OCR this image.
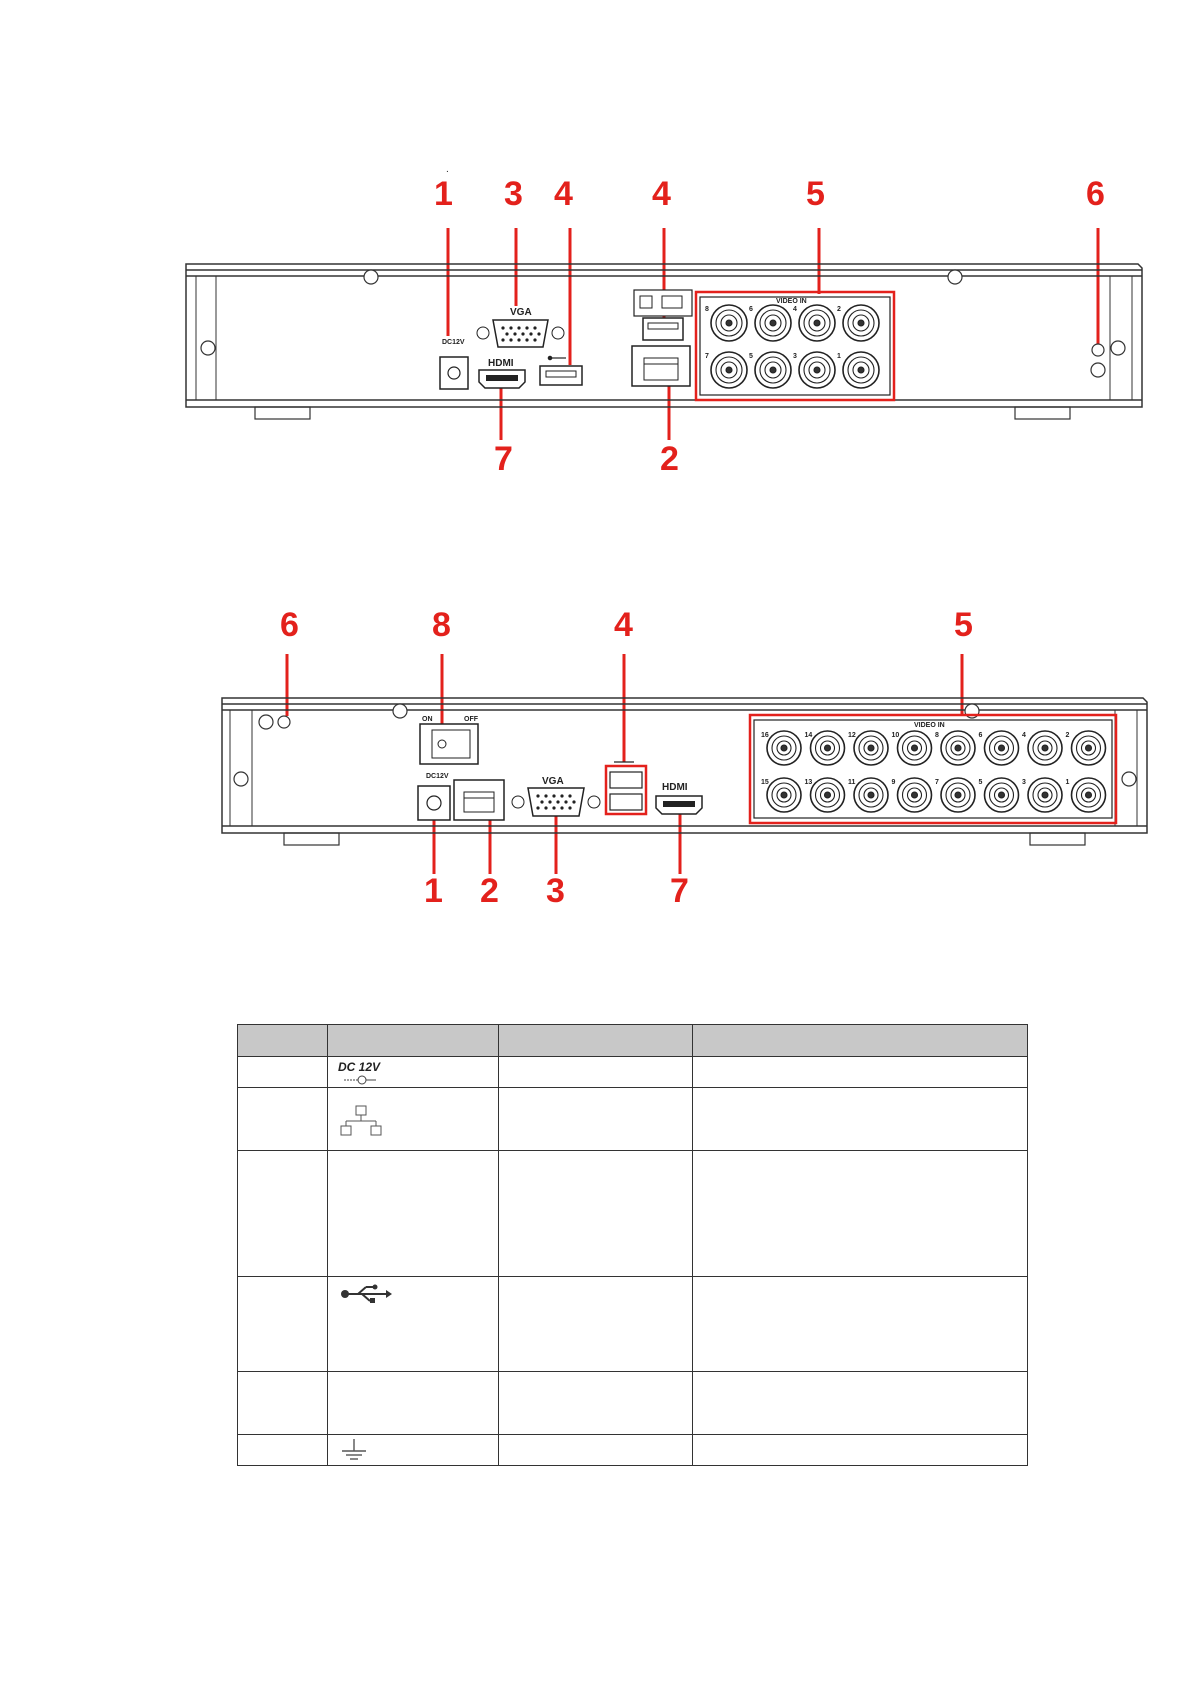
.
1 3 4 4	5	6
7	2
DC12V
VGA
HDMI
VIDEO IN
8	6	4	2
7	5	3	1
6	8	4	5
1 2 3	7
ON	OFF
DC12V	VGA
HDMI
VIDEO IN
16	14	12	10	8	6	4	2
15	13	11	9	7	5	3	1

	DC 12V		
